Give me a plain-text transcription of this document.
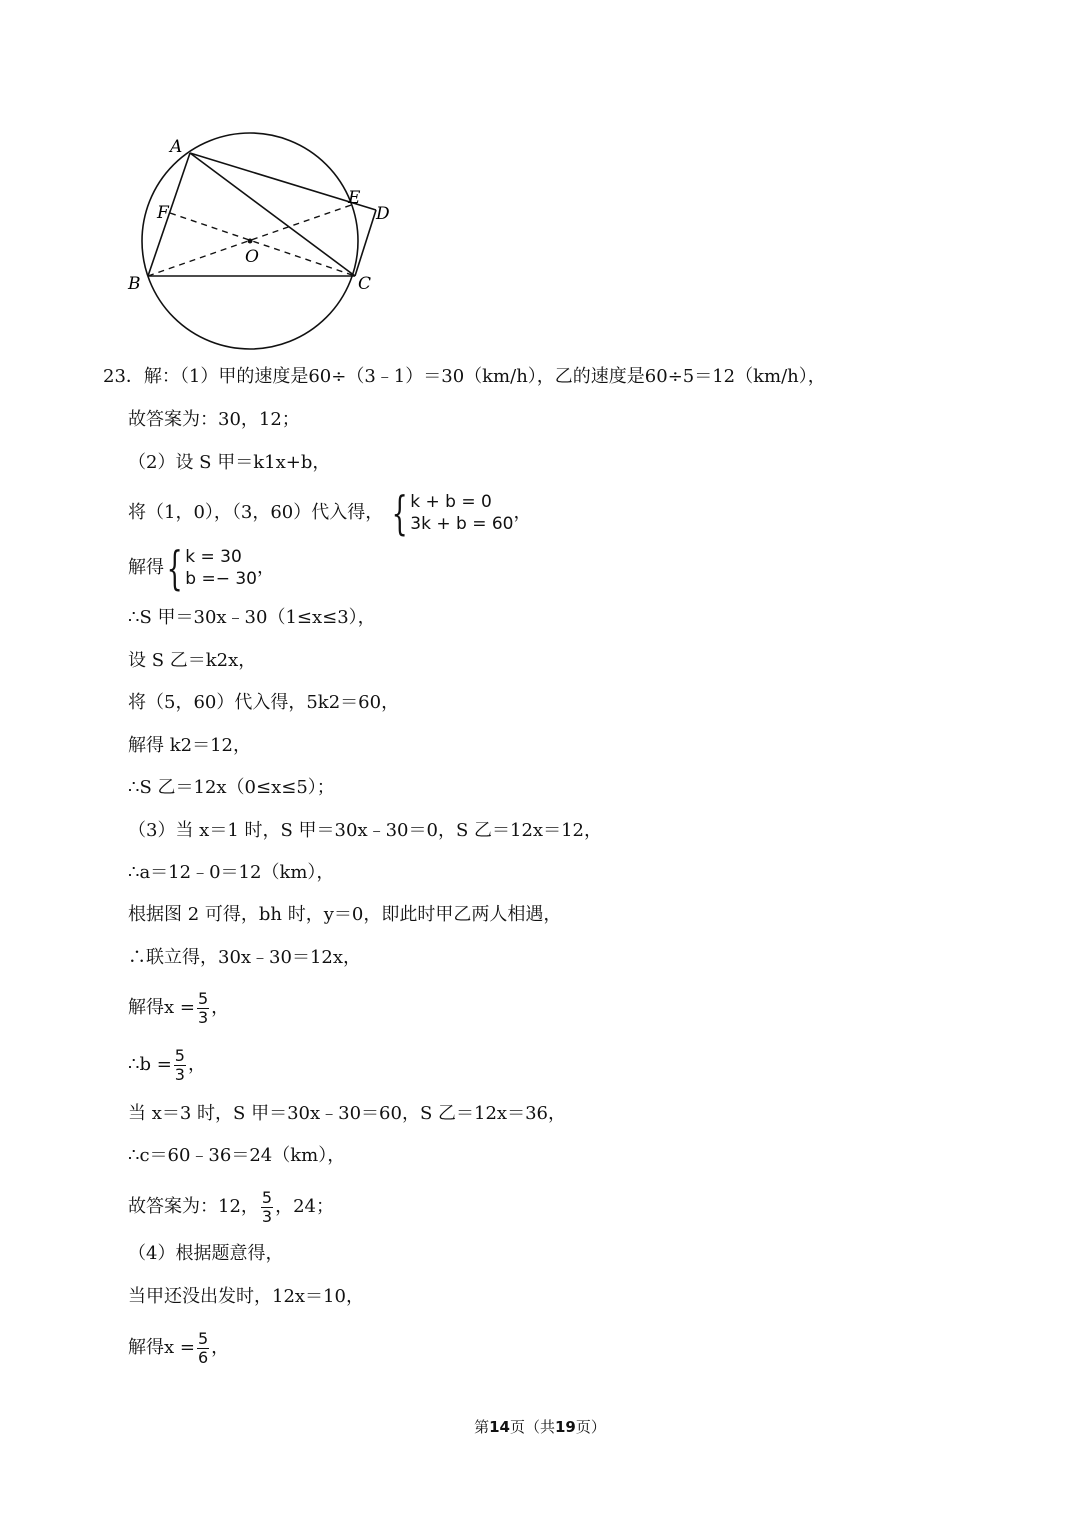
A
B	C
D
E
F
O
23．解：（1）甲的速度是60÷（3﹣1）＝30（km/h），乙的速度是60÷5＝12（km/h），
故答案为：30，12；
（2）设 S 甲＝k1x+b，
将（1，0），（3，60）代入得， { k + b = 0
3k + b = 60，
解得{ k = 30
b =− 30，
∴S 甲＝30x﹣30（1≤x≤3），
设 S 乙＝k2x，
将（5，60）代入得，5k2＝60，
解得 k2＝12，
∴S 乙＝12x（0≤x≤5）；
（3）当 x＝1 时，S 甲＝30x﹣30＝0，S 乙＝12x＝12，
∴a＝12﹣0＝12（km），
根据图 2 可得，bh 时，y＝0，即此时甲乙两人相遇，
∴联立得，30x﹣30＝12x，
解得$x = \frac{5}{3}$ ，
∴b = $\frac{5}{3}$ ，
当 x＝3 时，S 甲＝30x﹣30＝60，S 乙＝12x＝36，
∴c＝60﹣36＝24（km），
故答案为：12， $\frac{5}{3}$ ，24；
（4）根据题意得，
当甲还没出发时，12x＝10，
解得$x = \frac{5}{6}$ ，
第14页（共19页）
